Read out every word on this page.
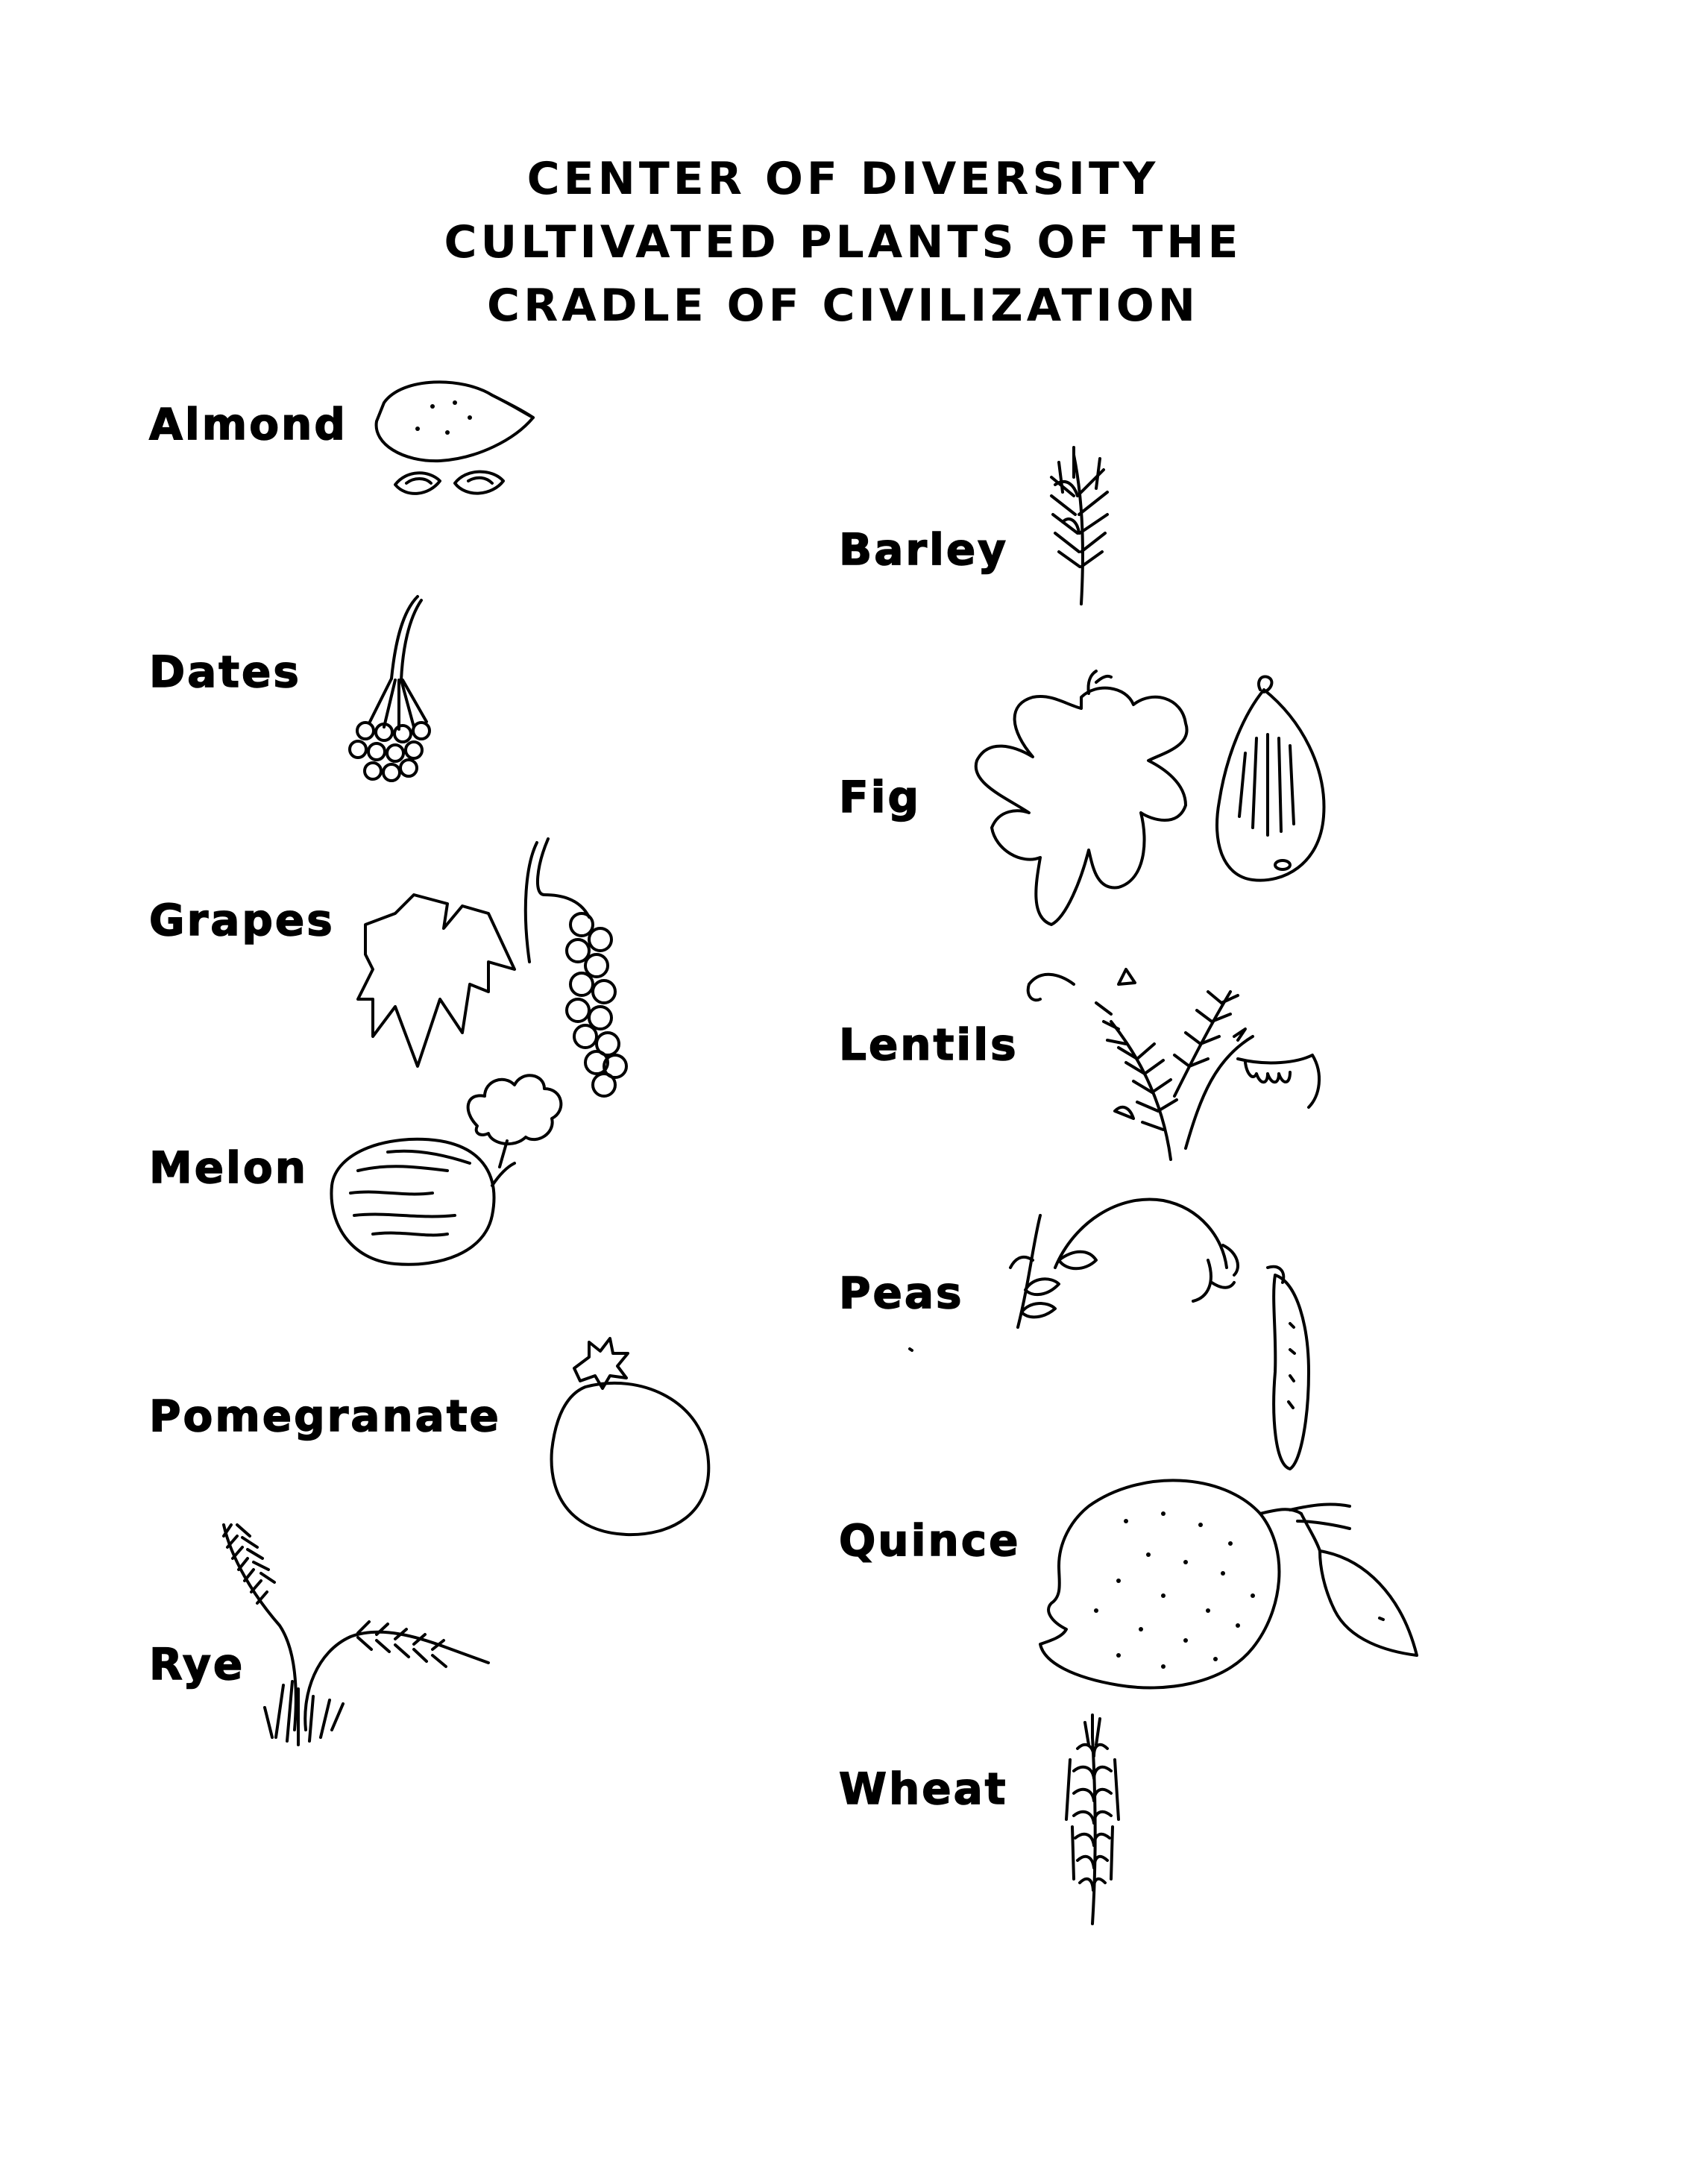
CENTER OF DIVERSITY
CULTIVATED PLANTS OF THE
CRADLE OF CIVILIZATION
Almond
Dates
Grapes
Melon
Pomegranate
Rye
Barley
Fig
Lentils
Peas
Quince
Wheat
